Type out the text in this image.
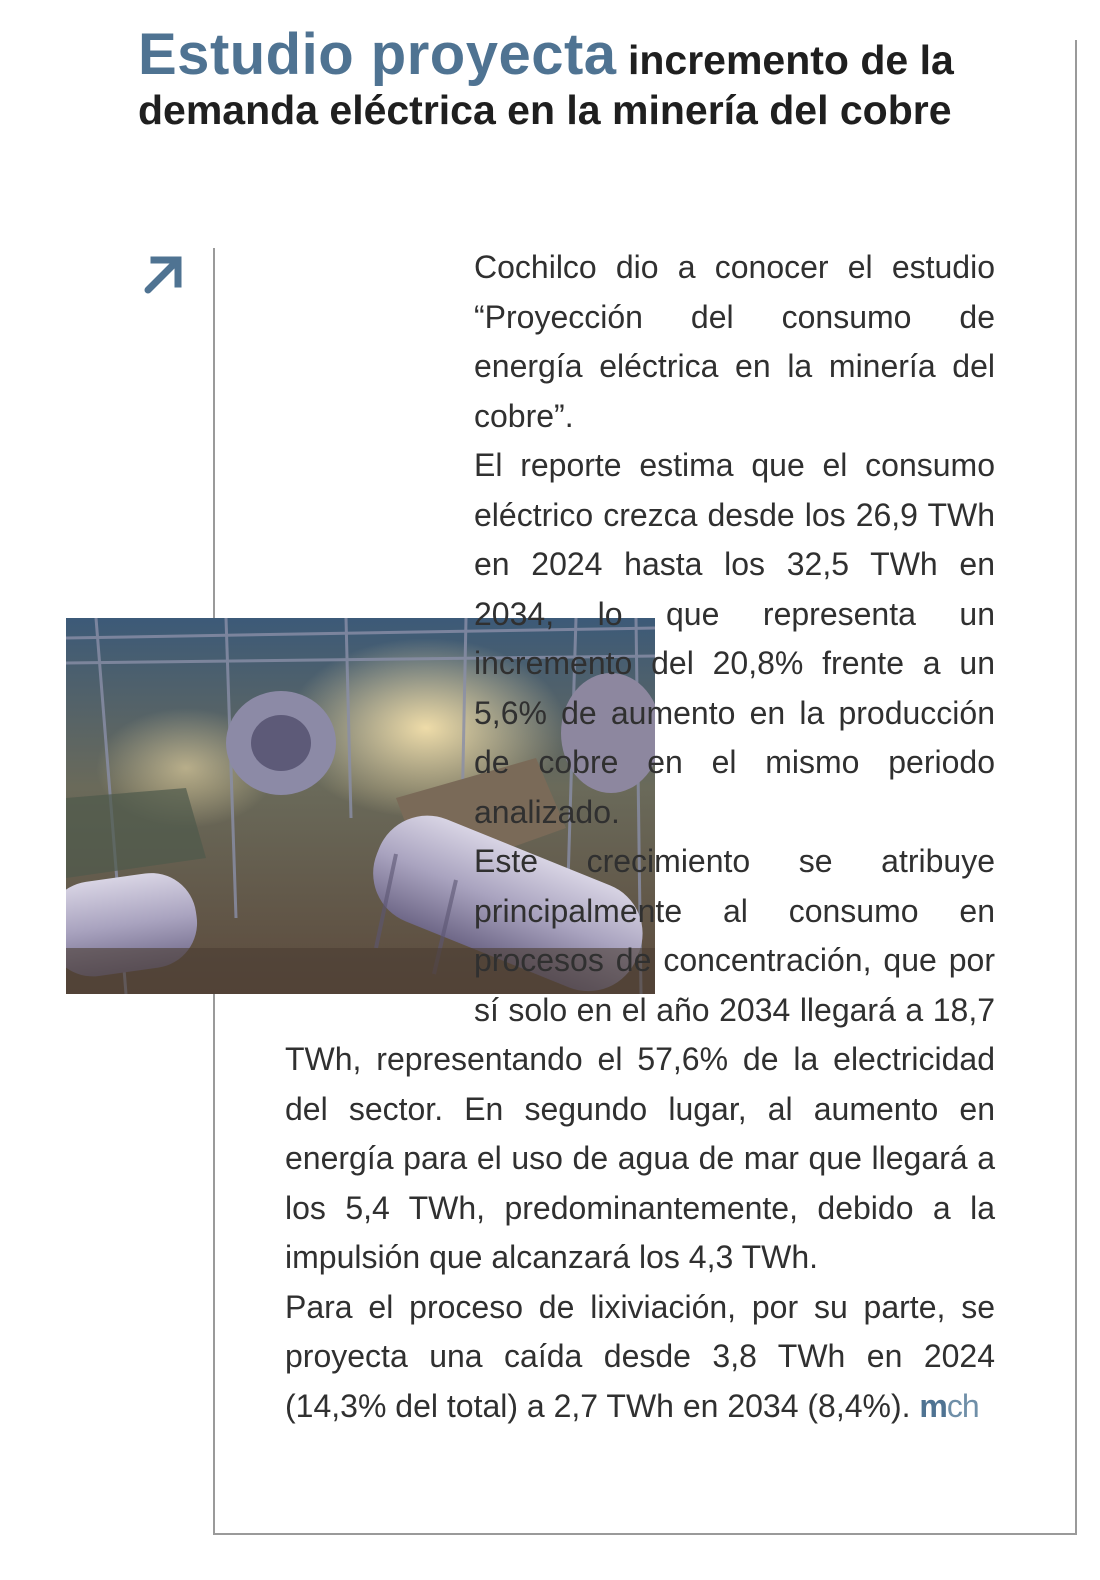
Estudio proyecta incremento de la demanda eléctrica en la minería del cobre

Cochilco dio a conocer el estudio “Proyección del consumo de energía eléctrica en la minería del cobre”.

El reporte estima que el consumo eléctrico crezca desde los 26,9 TWh en 2024 hasta los 32,5 TWh en 2034, lo que representa un incremento del 20,8% frente a un 5,6% de aumento en la producción de cobre en el mismo periodo analizado.

Este crecimiento se atribuye principalmente al consumo en procesos de concentración, que por sí solo en el año 2034 llegará a 18,7 TWh, representando el 57,6% de la electricidad del sector. En segundo lugar, al aumento en energía para el uso de agua de mar que llegará a los 5,4 TWh, predominantemente, debido a la impulsión que alcanzará los 4,3 TWh.

Para el proceso de lixiviación, por su parte, se proyecta una caída desde 3,8 TWh en 2024 (14,3% del total) a 2,7 TWh en 2034 (8,4%). mch
